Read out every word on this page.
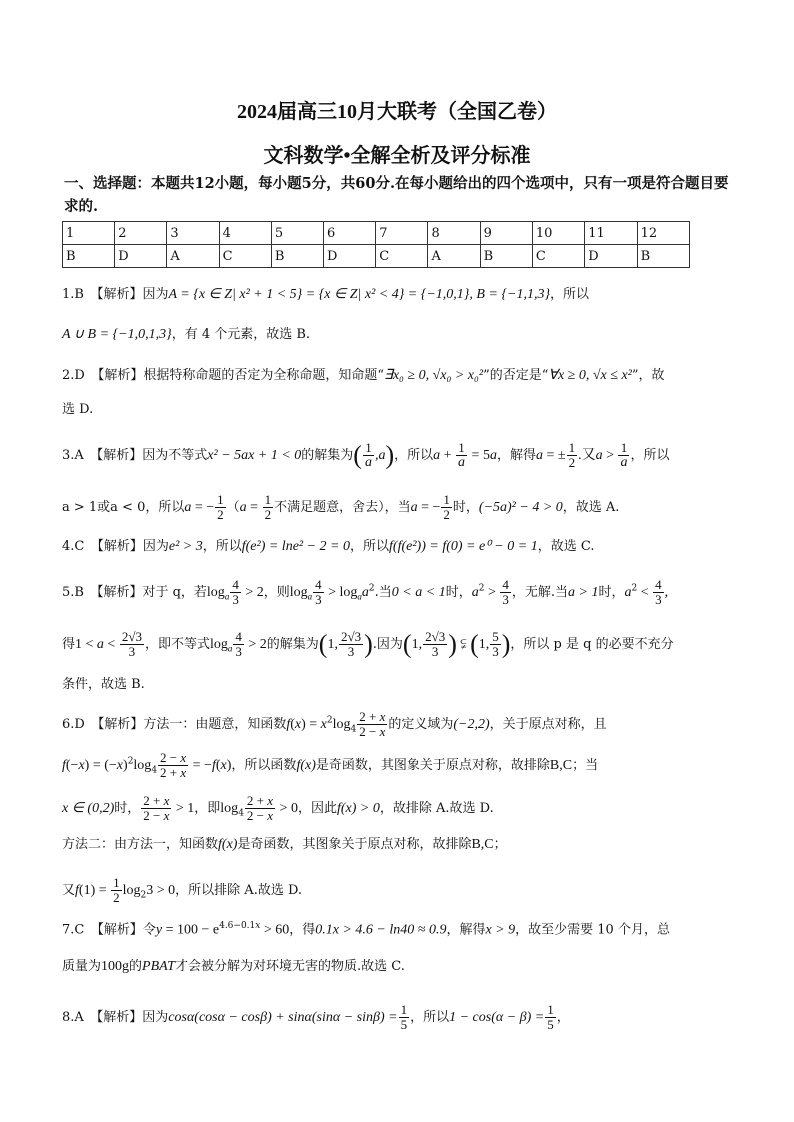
2024届高三10月大联考（全国乙卷）
文科数学•全解全析及评分标准
一、选择题：本题共12小题，每小题5分，共60分.在每小题给出的四个选项中，只有一项是符合题目要求的.
1	2	3	4	5	6	7	8	9	10	11	12
B	D	A	C	B	D	C	A	B	C	D	B
1.B　【解析】因为A = {x ∈ Z| x² + 1 < 5} = {x ∈ Z| x² < 4} = {−1,0,1}, B = {−1,1,3}，所以
A ∪ B = {−1,0,1,3}，有 4 个元素，故选 B.
2.D　【解析】根据特称命题的否定为全称命题，知命题“∃x₀ ≥ 0, √x₀ > x₀²”的否定是“∀x ≥ 0, √x ≤ x²”，故
选 D.
3.A　【解析】因为不等式x² − 5ax + 1 < 0的解集为( $\frac{1}{a} ,a$)，所以$a + \frac{1}{a} = 5a$，解得a = ± $\frac{1}{2}$ .又$a > \frac{1}{a}$ ，所以
a > 1或a < 0，所以a = − $\frac{1}{2} (a = \frac{1}{2}$ 不满足题意，舍去），当a = − $\frac{1}{2}$ 时，(−5a)² − 4 > 0，故选 A.
4.C　【解析】因为e² > 3，所以f(e²) = lne² − 2 = 0，所以f(f(e²)) = f(0) = e⁰ − 0 = 1，故选 C.
5.B　【解析】对于 q，若$\log_a \frac{4}{3} > 2$，则$\log_a \frac{4}{3} > \log_aa^2$.当0 < a < 1时，$a^2 > \frac{4}{3}$ ，无解.当a > 1时，$a^2 < \frac{4}{3}$ ,
得$1 < a < \frac{2√3}{3}$ ，即不等式$\log_a \frac{4}{3} > 2$的解集为(1, $\frac{2√3}{3}$ ).因为(1, $\frac{2√3}{3}$ ) ⫋ (1, $\frac{5}{3}$ )，所以 p 是 q 的必要不充分
条件，故选 B.
6.D　【解析】方法一：由题意，知函数$f(x) = x^2\log_4 \frac{2 + x}{2 - x}$ 的定义域为(−2,2)，关于原点对称，且
$f(-x) = (-x)^2\log_4 \frac{2 - x}{2 + x} = -f(x)$，所以函数f(x)是奇函数，其图象关于原点对称，故排除B,C；当
x ∈ (0,2)时， $\frac{2 + x}{2 - x} > 1$，即$\log_4 \frac{2 + x}{2 - x} > 0$，因此f(x) > 0，故排除 A.故选 D.
方法二：由方法一，知函数f(x)是奇函数，其图象关于原点对称，故排除B,C；
又$f(1) = \frac{1}{2} \log_23 > 0$，所以排除 A.故选 D.
7.C　【解析】令$y = 100 - e^{4.6-0.1x} > 60$，得0.1x > 4.6 − ln40 ≈ 0.9，解得x > 9，故至少需要 10 个月，总
质量为100g的PBAT才会被分解为对环境无害的物质.故选 C.
8.A　【解析】因为$\cos\alpha(\cos\alpha - \cos\beta) + \sin\alpha(\sin\alpha - \sin\beta) = \frac{1}{5}$ ，所以$1 - \cos(\alpha - \beta) = \frac{1}{5}$ ，
